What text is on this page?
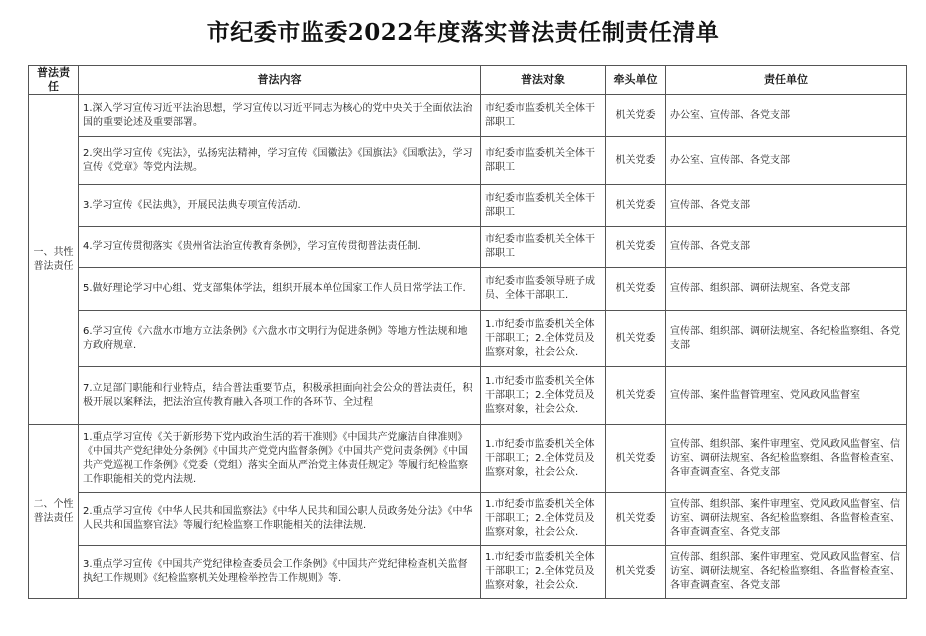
市纪委市监委2022年度落实普法责任制责任清单
普法责任	普法内容	普法对象	牵头单位	责任单位
一、共性普法责任	1.深入学习宣传习近平法治思想，学习宣传以习近平同志为核心的党中央关于全面依法治国的重要论述及重要部署。	市纪委市监委机关全体干部职工	机关党委	办公室、宣传部、各党支部
	2.突出学习宣传《宪法》，弘扬宪法精神，学习宣传《国徽法》《国旗法》《国歌法》，学习宣传《党章》等党内法规。	市纪委市监委机关全体干部职工	机关党委	办公室、宣传部、各党支部
	3.学习宣传《民法典》，开展民法典专项宣传活动.	市纪委市监委机关全体干部职工	机关党委	宣传部、各党支部
	4.学习宣传贯彻落实《贵州省法治宣传教育条例》，学习宣传贯彻普法责任制.	市纪委市监委机关全体干部职工	机关党委	宣传部、各党支部
	5.做好理论学习中心组、党支部集体学法，组织开展本单位国家工作人员日常学法工作.	市纪委市监委领导班子成员、全体干部职工.	机关党委	宣传部、组织部、调研法规室、各党支部
	6.学习宣传《六盘水市地方立法条例》《六盘水市文明行为促进条例》等地方性法规和地方政府规章.	1.市纪委市监委机关全体干部职工；2.全体党员及监察对象，社会公众.	机关党委	宣传部、组织部、调研法规室、各纪检监察组、各党支部
	7.立足部门职能和行业特点，结合普法重要节点，积极承担面向社会公众的普法责任，积极开展以案释法，把法治宣传教育融入各项工作的各环节、全过程	1.市纪委市监委机关全体干部职工；2.全体党员及监察对象，社会公众.	机关党委	宣传部、案件监督管理室、党风政风监督室
二、个性普法责任	1.重点学习宣传《关于新形势下党内政治生活的若干准则》《中国共产党廉洁自律准则》《中国共产党纪律处分条例》《中国共产党党内监督条例》《中国共产党问责条例》《中国共产党巡视工作条例》《党委（党组）落实全面从严治党主体责任规定》等履行纪检监察工作职能相关的党内法规.	1.市纪委市监委机关全体干部职工；2.全体党员及监察对象，社会公众.	机关党委	宣传部、组织部、案件审理室、党风政风监督室、信访室、调研法规室、各纪检监察组、各监督检查室、各审查调查室、各党支部
	2.重点学习宣传《中华人民共和国监察法》《中华人民共和国公职人员政务处分法》《中华人民共和国监察官法》等履行纪检监察工作职能相关的法律法规.	1.市纪委市监委机关全体干部职工；2.全体党员及监察对象，社会公众.	机关党委	宣传部、组织部、案件审理室、党风政风监督室、信访室、调研法规室、各纪检监察组、各监督检查室、各审查调查室、各党支部
	3.重点学习宣传《中国共产党纪律检查委员会工作条例》《中国共产党纪律检查机关监督执纪工作规则》《纪检监察机关处理检举控告工作规则》等.	1.市纪委市监委机关全体干部职工；2.全体党员及监察对象，社会公众.	机关党委	宣传部、组织部、案件审理室、党风政风监督室、信访室、调研法规室、各纪检监察组、各监督检查室、各审查调查室、各党支部
